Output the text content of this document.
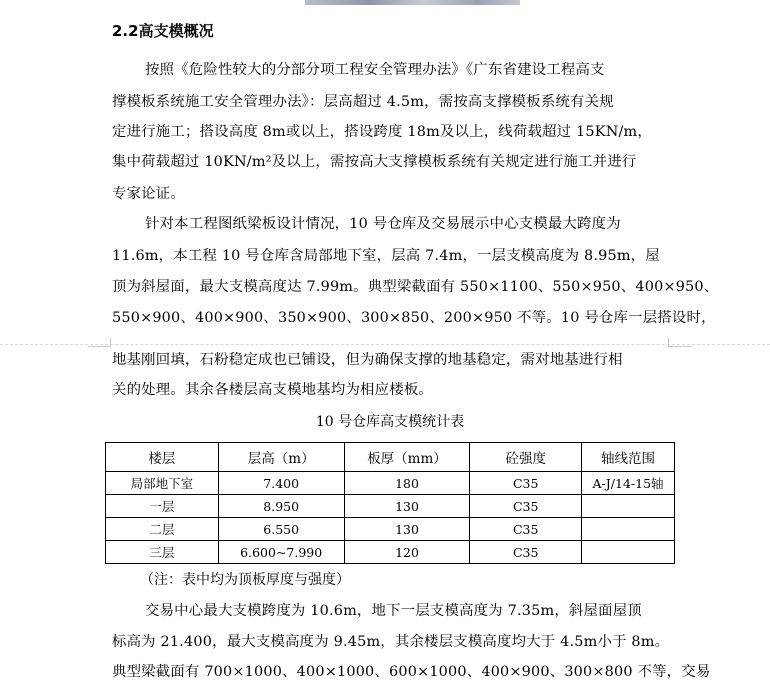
2.2高支模概况
按照《危险性较大的分部分项工程安全管理办法》《广东省建设工程高支
撑模板系统施工安全管理办法》：层高超过 4.5m，需按高支撑模板系统有关规
定进行施工；搭设高度 8m或以上，搭设跨度 18m及以上，线荷载超过 15KN/m，
集中荷载超过 10KN/m²及以上，需按高大支撑模板系统有关规定进行施工并进行
专家论证。
针对本工程图纸梁板设计情况，10 号仓库及交易展示中心支模最大跨度为
11.6m，本工程 10 号仓库含局部地下室，层高 7.4m，一层支模高度为 8.95m，屋
顶为斜屋面，最大支模高度达 7.99m。典型梁截面有 550×1100、550×950、400×950、
550×900、400×900、350×900、300×850、200×950 不等。10 号仓库一层搭设时，
地基刚回填，石粉稳定成也已铺设，但为确保支撑的地基稳定，需对地基进行相
关的处理。其余各楼层高支模地基均为相应楼板。
10 号仓库高支模统计表
楼层	层高（m）	板厚（mm）	砼强度	轴线范围
局部地下室	7.400	180	C35	A-J/14-15轴
一层	8.950	130	C35	
二层	6.550	130	C35	
三层	6.600~7.990	120	C35	
（注：表中均为顶板厚度与强度）
交易中心最大支模跨度为 10.6m，地下一层支模高度为 7.35m，斜屋面屋顶
标高为 21.400，最大支模高度为 9.45m，其余楼层支模高度均大于 4.5m小于 8m。
典型梁截面有 700×1000、400×1000、600×1000、400×900、300×800 不等，交易
